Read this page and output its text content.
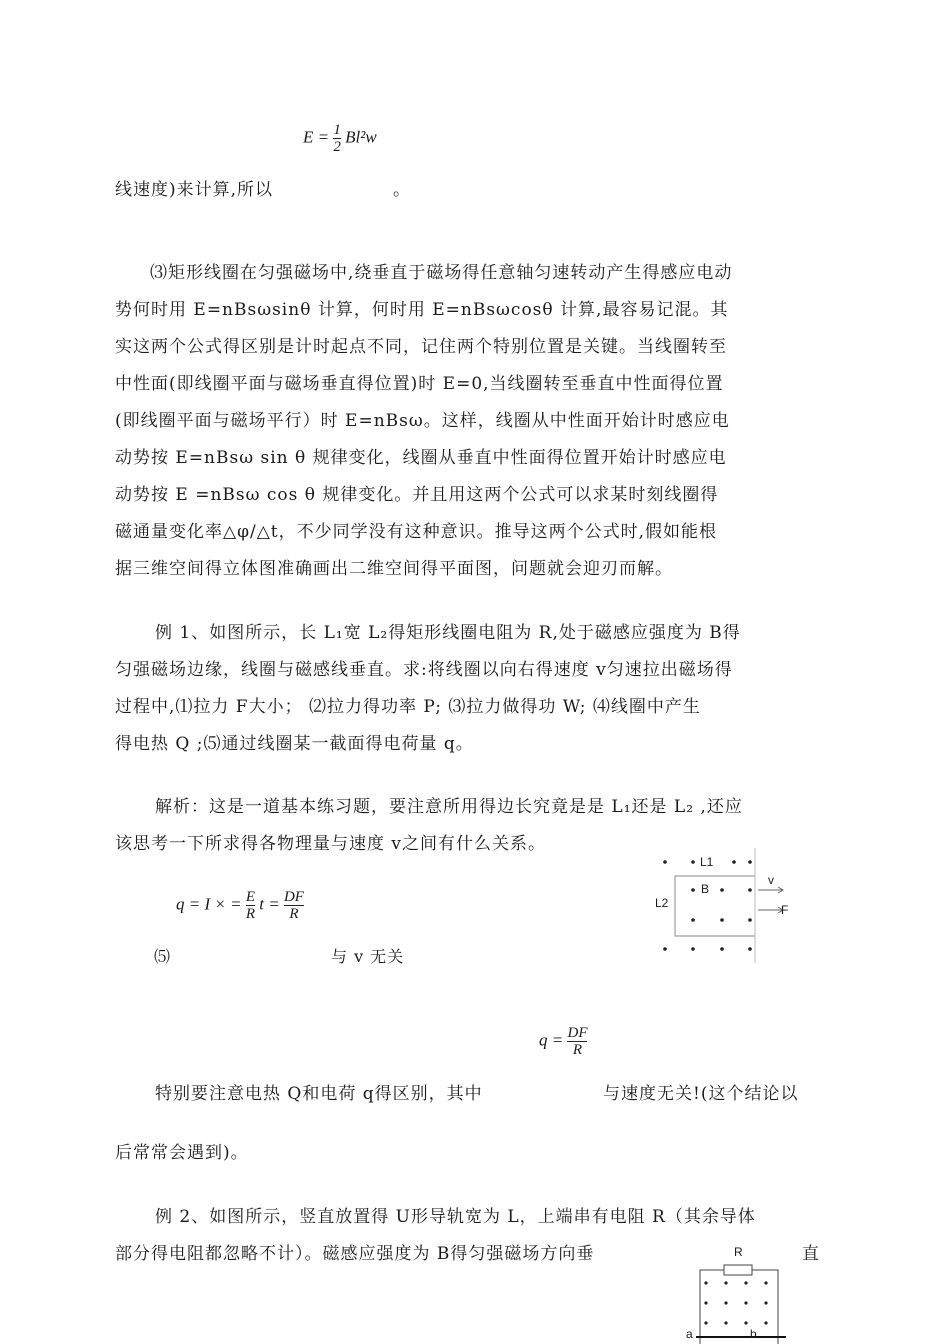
$E = \frac{1}{2} Bl^2w$
线速度)来计算,所以	。
⑶矩形线圈在匀强磁场中,绕垂直于磁场得任意轴匀速转动产生得感应电动
势何时用 E=nBsωsinθ 计算，何时用 E=nBsωcosθ 计算,最容易记混。其
实这两个公式得区别是计时起点不同，记住两个特别位置是关键。当线圈转至
中性面(即线圈平面与磁场垂直得位置)时 E=0,当线圈转至垂直中性面得位置
(即线圈平面与磁场平行）时 E=nBsω。这样，线圈从中性面开始计时感应电
动势按 E=nBsω sin θ 规律变化，线圈从垂直中性面得位置开始计时感应电
动势按 E =nBsω cos θ 规律变化。并且用这两个公式可以求某时刻线圈得
磁通量变化率△φ/△t，不少同学没有这种意识。推导这两个公式时,假如能根
据三维空间得立体图准确画出二维空间得平面图，问题就会迎刃而解。
例 1、如图所示，长 L₁宽 L₂得矩形线圈电阻为 R,处于磁感应强度为 B得
匀强磁场边缘，线圈与磁感线垂直。求:将线圈以向右得速度 v匀速拉出磁场得
过程中,⑴拉力 F大小； ⑵拉力得功率 P; ⑶拉力做得功 W; ⑷线圈中产生
得电热 Q ;⑸通过线圈某一截面得电荷量 q。
解析：这是一道基本练习题，要注意所用得边长究竟是是 L₁还是 L₂ ,还应
该思考一下所求得各物理量与速度 v之间有什么关系。
q = I × = $\frac{E}{R}$ $t = \frac{DF}{R}$
⑸	与 v 无关
L1
L2
B
v
F
$q = \frac{DF}{R}$
特别要注意电热 Q和电荷 q得区别，其中	与速度无关!(这个结论以
后常常会遇到)。
例 2、如图所示，竖直放置得 U形导轨宽为 L，上端串有电阻 R（其余导体
部分得电阻都忽略不计）。磁感应强度为 B得匀强磁场方向垂	直
R
a	b
